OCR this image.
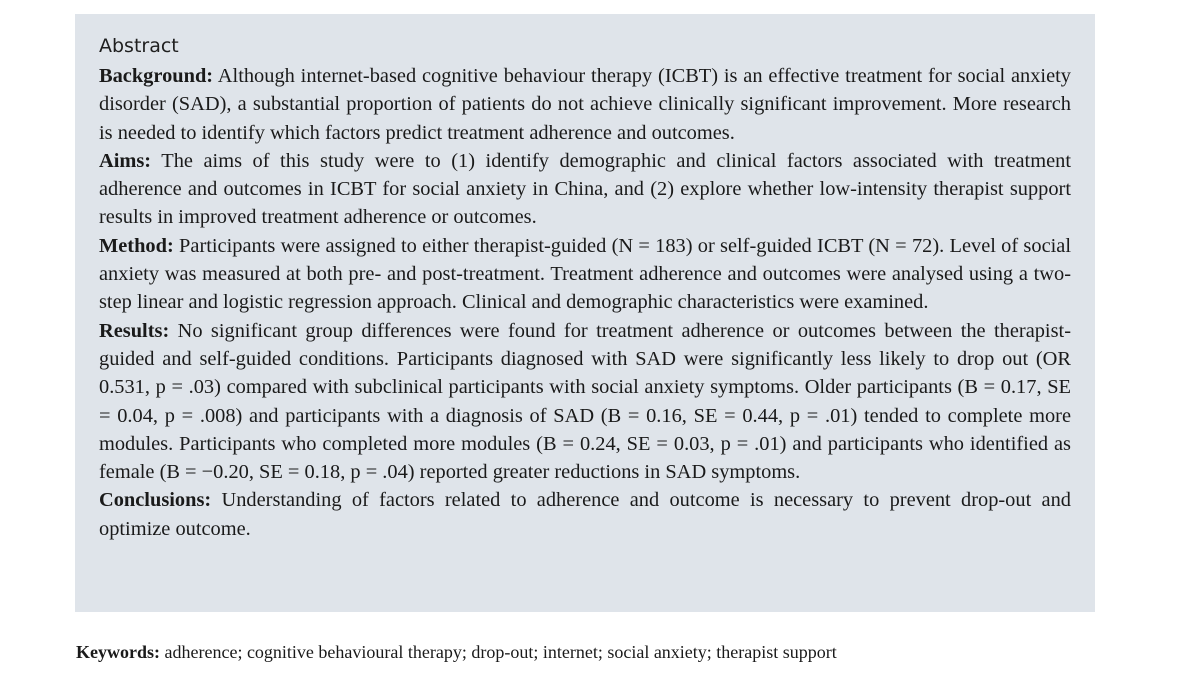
Abstract

Background: Although internet-based cognitive behaviour therapy (ICBT) is an effective treatment for social anxiety disorder (SAD), a substantial proportion of patients do not achieve clinically significant improvement. More research is needed to identify which factors predict treatment adherence and outcomes.

Aims: The aims of this study were to (1) identify demographic and clinical factors associated with treatment adherence and outcomes in ICBT for social anxiety in China, and (2) explore whether low-intensity therapist support results in improved treatment adherence or outcomes.

Method: Participants were assigned to either therapist-guided (N = 183) or self-guided ICBT (N = 72). Level of social anxiety was measured at both pre- and post-treatment. Treatment adherence and outcomes were analysed using a two-step linear and logistic regression approach. Clinical and demographic characteristics were examined.

Results: No significant group differences were found for treatment adherence or outcomes between the therapist-guided and self-guided conditions. Participants diagnosed with SAD were significantly less likely to drop out (OR 0.531, p = .03) compared with subclinical participants with social anxiety symptoms. Older participants (B = 0.17, SE = 0.04, p = .008) and participants with a diagnosis of SAD (B = 0.16, SE = 0.44, p = .01) tended to complete more modules. Participants who completed more modules (B = 0.24, SE = 0.03, p = .01) and participants who identified as female (B = −0.20, SE = 0.18, p = .04) reported greater reductions in SAD symptoms.

Conclusions: Understanding of factors related to adherence and outcome is necessary to prevent drop-out and optimize outcome.

Keywords: adherence; cognitive behavioural therapy; drop-out; internet; social anxiety; therapist support
